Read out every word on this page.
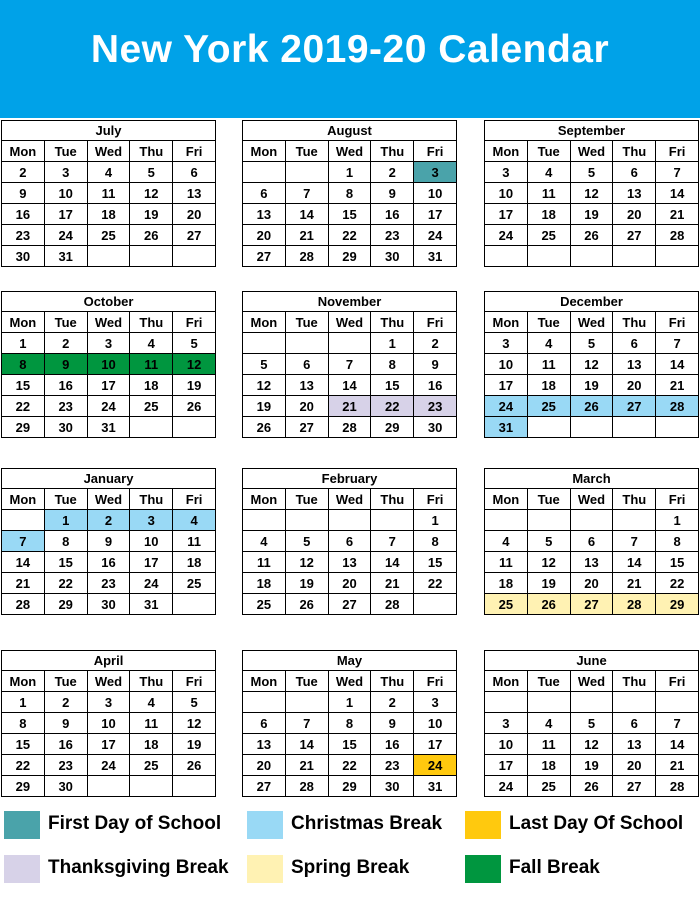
New York 2019-20 Calendar
July				
Mon	Tue	Wed	Thu	Fri
2	3	4	5	6
9	10	11	12	13
16	17	18	19	20
23	24	25	26	27
30	31			
August				
Mon	Tue	Wed	Thu	Fri
		1	2	3
6	7	8	9	10
13	14	15	16	17
20	21	22	23	24
27	28	29	30	31
September				
Mon	Tue	Wed	Thu	Fri
3	4	5	6	7
10	11	12	13	14
17	18	19	20	21
24	25	26	27	28

October				
Mon	Tue	Wed	Thu	Fri
1	2	3	4	5
8	9	10	11	12
15	16	17	18	19
22	23	24	25	26
29	30	31		
November				
Mon	Tue	Wed	Thu	Fri
			1	2
5	6	7	8	9
12	13	14	15	16
19	20	21	22	23
26	27	28	29	30
December				
Mon	Tue	Wed	Thu	Fri
3	4	5	6	7
10	11	12	13	14
17	18	19	20	21
24	25	26	27	28
31				
January				
Mon	Tue	Wed	Thu	Fri
	1	2	3	4
7	8	9	10	11
14	15	16	17	18
21	22	23	24	25
28	29	30	31	
February				
Mon	Tue	Wed	Thu	Fri
				1
4	5	6	7	8
11	12	13	14	15
18	19	20	21	22
25	26	27	28	
March				
Mon	Tue	Wed	Thu	Fri
				1
4	5	6	7	8
11	12	13	14	15
18	19	20	21	22
25	26	27	28	29
April				
Mon	Tue	Wed	Thu	Fri
1	2	3	4	5
8	9	10	11	12
15	16	17	18	19
22	23	24	25	26
29	30			
May				
Mon	Tue	Wed	Thu	Fri
		1	2	3
6	7	8	9	10
13	14	15	16	17
20	21	22	23	24
27	28	29	30	31
June				
Mon	Tue	Wed	Thu	Fri

3	4	5	6	7
10	11	12	13	14
17	18	19	20	21
24	25	26	27	28
First Day of School	Christmas Break	Last Day Of School
Thanksgiving Break	Spring Break	Fall Break
